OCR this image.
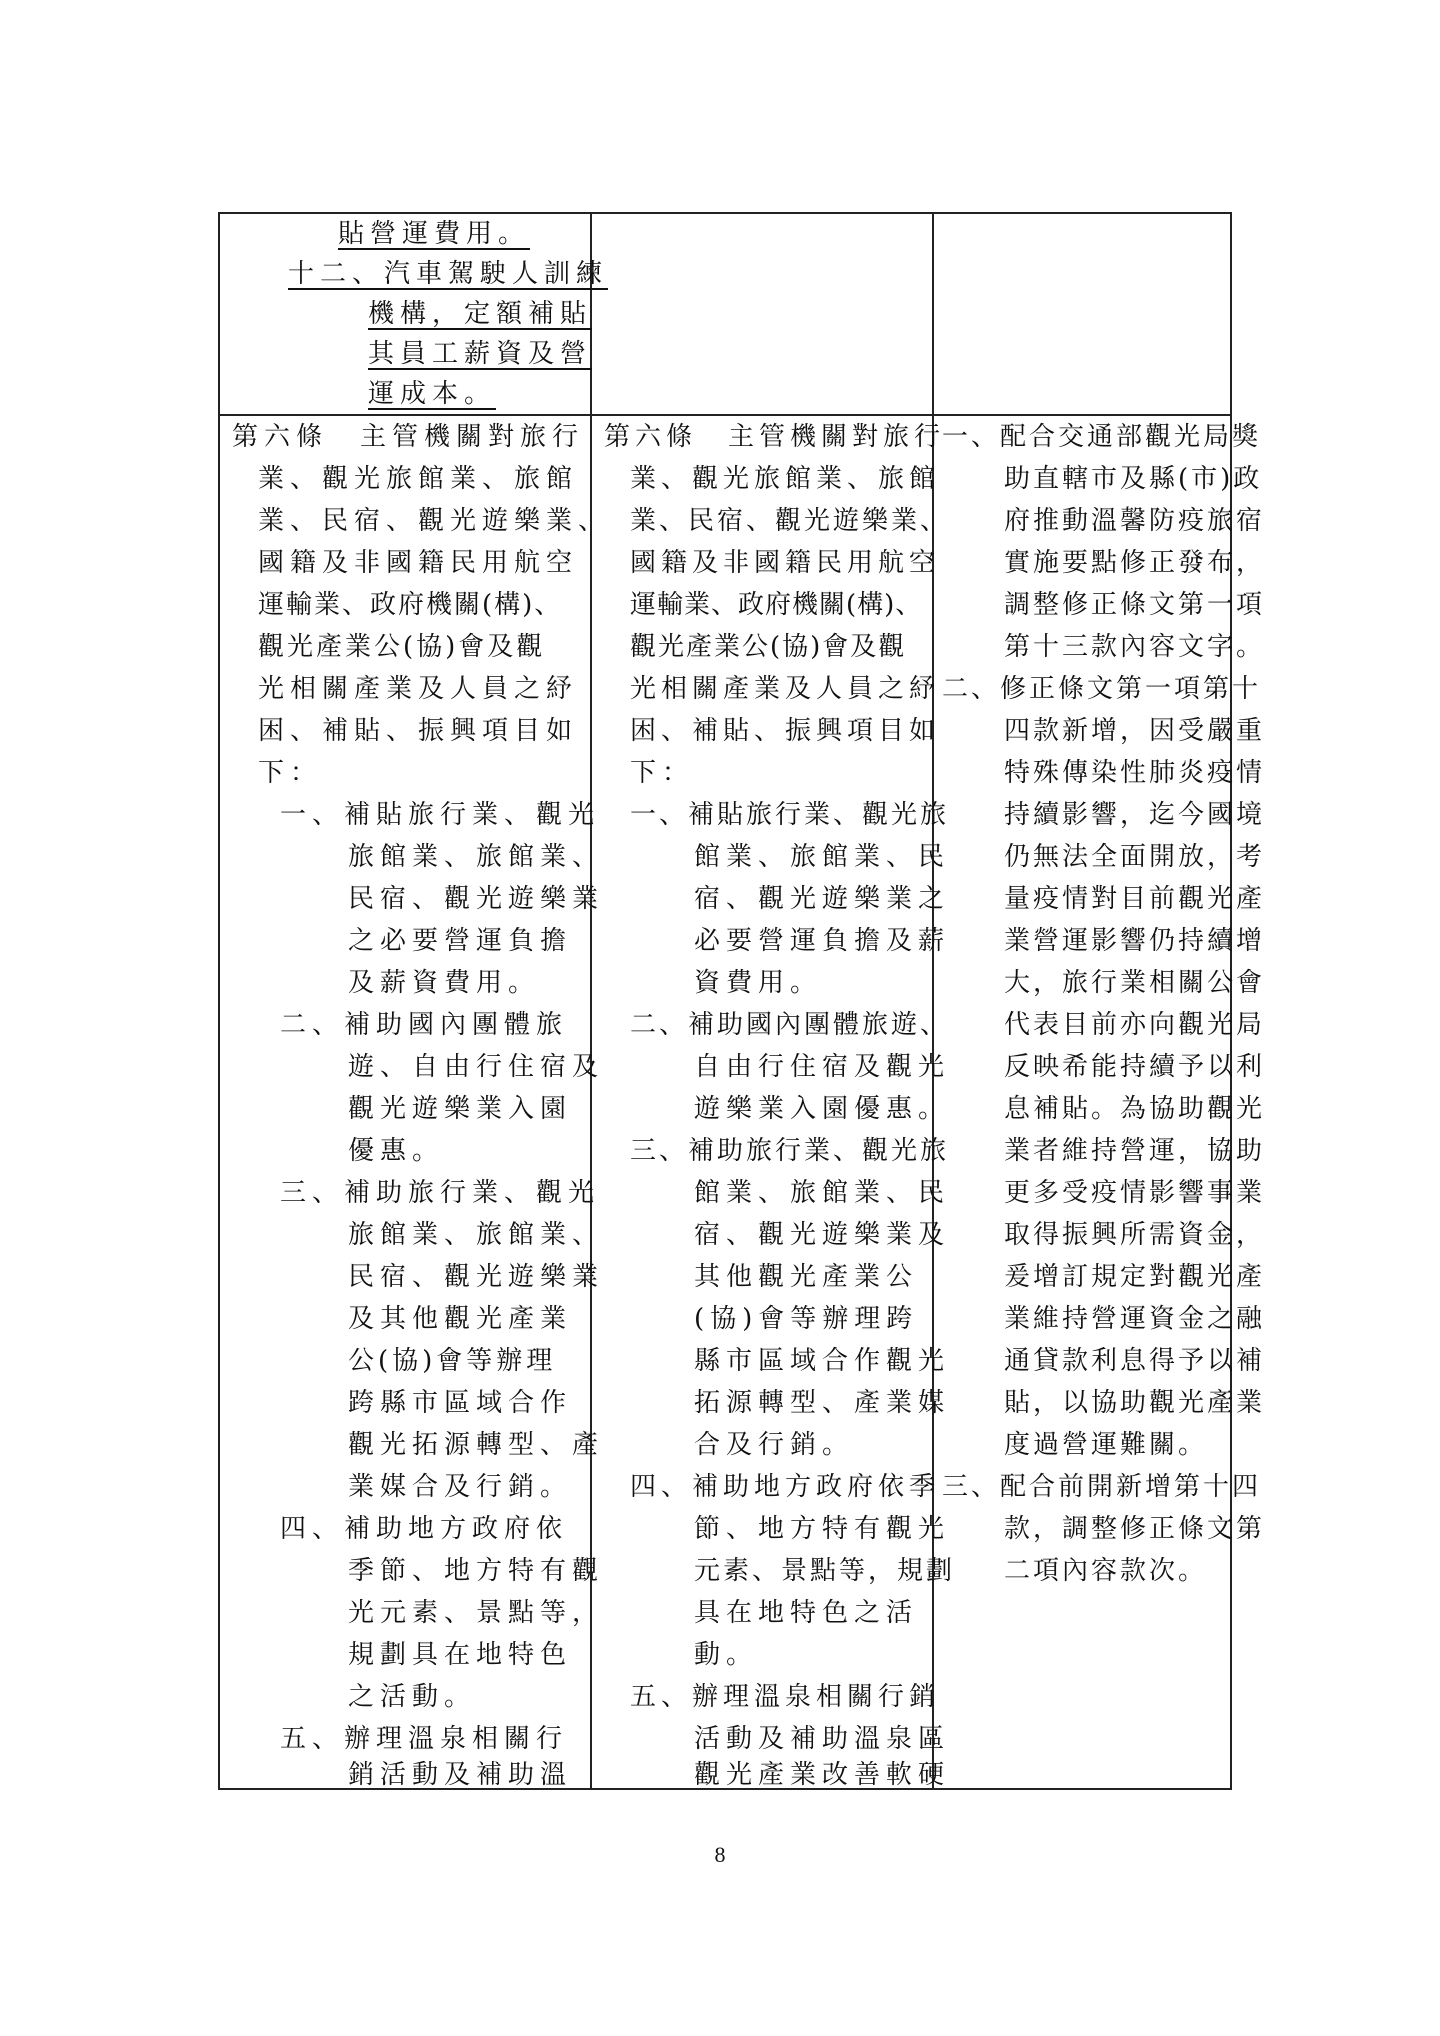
貼營運費用。
十二、汽車駕駛人訓練
機構，定額補貼
其員工薪資及營
運成本。
第六條　主管機關對旅行
業、觀光旅館業、旅館
業、民宿、觀光遊樂業、
國籍及非國籍民用航空
運輸業、政府機關(構)、
觀光產業公(協)會及觀
光相關產業及人員之紓
困、補貼、振興項目如
下：
一、補貼旅行業、觀光
旅館業、旅館業、
民宿、觀光遊樂業
之必要營運負擔
及薪資費用。
二、補助國內團體旅
遊、自由行住宿及
觀光遊樂業入園
優惠。
三、補助旅行業、觀光
旅館業、旅館業、
民宿、觀光遊樂業
及其他觀光產業
公(協)會等辦理
跨縣市區域合作
觀光拓源轉型、產
業媒合及行銷。
四、補助地方政府依
季節、地方特有觀
光元素、景點等，
規劃具在地特色
之活動。
五、辦理溫泉相關行
銷活動及補助溫
第六條　主管機關對旅行
業、觀光旅館業、旅館
業、民宿、觀光遊樂業、
國籍及非國籍民用航空
運輸業、政府機關(構)、
觀光產業公(協)會及觀
光相關產業及人員之紓
困、補貼、振興項目如
下：
一、補貼旅行業、觀光旅
館業、旅館業、民
宿、觀光遊樂業之
必要營運負擔及薪
資費用。
二、補助國內團體旅遊、
自由行住宿及觀光
遊樂業入園優惠。
三、補助旅行業、觀光旅
館業、旅館業、民
宿、觀光遊樂業及
其他觀光產業公
(協)會等辦理跨
縣市區域合作觀光
拓源轉型、產業媒
合及行銷。
四、補助地方政府依季
節、地方特有觀光
元素、景點等，規劃
具在地特色之活
動。
五、辦理溫泉相關行銷
活動及補助溫泉區
觀光產業改善軟硬
一、配合交通部觀光局獎
助直轄市及縣(市)政
府推動溫馨防疫旅宿
實施要點修正發布，
調整修正條文第一項
第十三款內容文字。
二、修正條文第一項第十
四款新增，因受嚴重
特殊傳染性肺炎疫情
持續影響，迄今國境
仍無法全面開放，考
量疫情對目前觀光產
業營運影響仍持續增
大，旅行業相關公會
代表目前亦向觀光局
反映希能持續予以利
息補貼。為協助觀光
業者維持營運，協助
更多受疫情影響事業
取得振興所需資金，
爰增訂規定對觀光產
業維持營運資金之融
通貸款利息得予以補
貼，以協助觀光產業
度過營運難關。
三、配合前開新增第十四
款，調整修正條文第
二項內容款次。
8
